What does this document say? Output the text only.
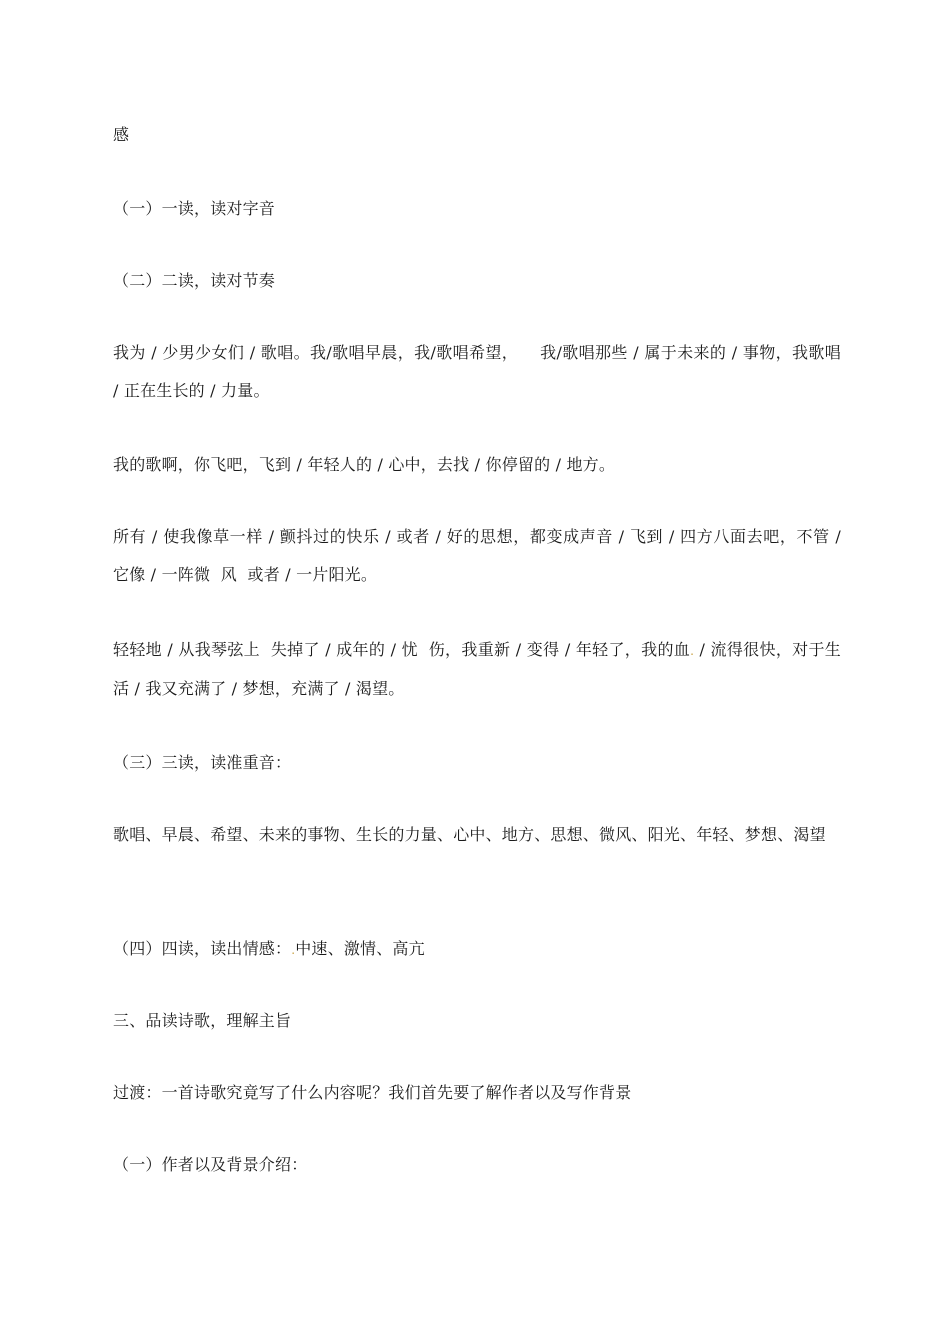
感

（一）一读，读对字音

（二）二读，读对节奏

我为 / 少男少女们 / 歌唱。我/歌唱早晨，我/歌唱希望，    我/歌唱那些 / 属于未来的 / 事物，我歌唱 / 正在生长的 / 力量。

我的歌啊，你飞吧，飞到 / 年轻人的 / 心中，去找 / 你停留的 / 地方。

所有 / 使我像草一样 / 颤抖过的快乐 / 或者 / 好的思想，都变成声音 / 飞到 / 四方八面去吧，不管 / 它像 / 一阵微  风  或者 / 一片阳光。

轻轻地 / 从我琴弦上  失掉了 / 成年的 / 忧  伤，我重新 / 变得 / 年轻了，我的血. / 流得很快，对于生活 / 我又充满了 / 梦想，充满了 / 渴望。

（三）三读，读准重音：

歌唱、早晨、希望、未来的事物、生长的力量、心中、地方、思想、微风、阳光、年轻、梦想、渴望

（四）四读，读出情感：.中速、激情、高亢

三、品读诗歌，理解主旨

过渡：一首诗歌究竟写了什么内容呢？我们首先要了解作者以及写作背景

（一）作者以及背景介绍：
